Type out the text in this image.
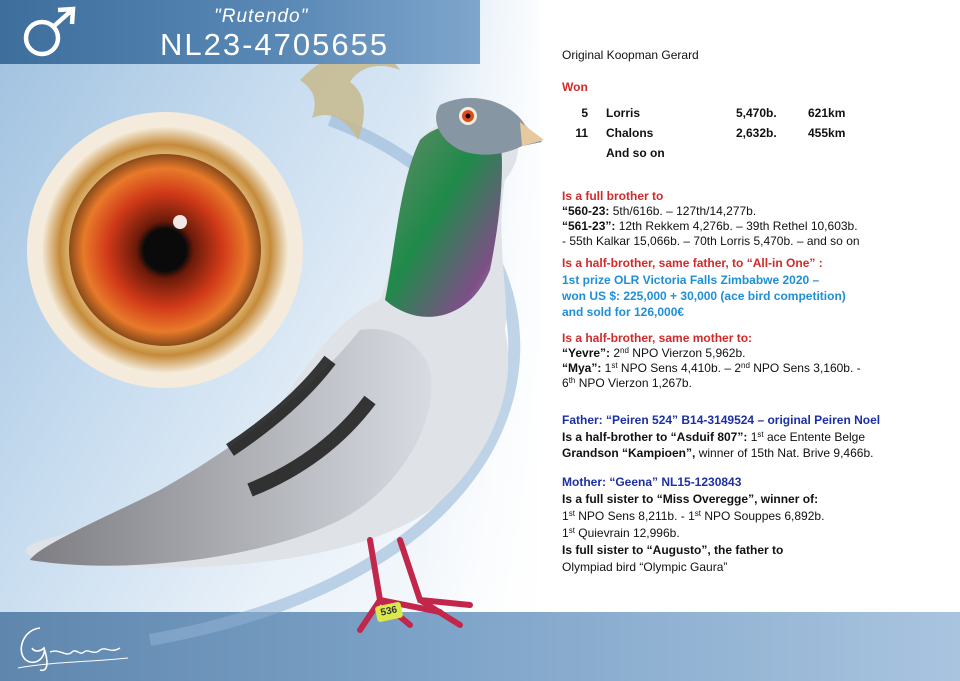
536
"Rutendo"
NL23-4705655	Original Koopman Gerard
Won
5		Lorris	5,470b.	621km
11		Chalons	2,632b.	455km
		And so on		
Is a full brother to
“560-23: 5th/616b. – 127th/14,277b.
“561-23”: 12th Rekkem 4,276b. – 39th Rethel 10,603b.
- 55th Kalkar 15,066b. – 70th Lorris 5,470b. – and so on
Is a half-brother, same father, to “All-in One” :
1st prize OLR Victoria Falls Zimbabwe 2020 –
won US $: 225,000 + 30,000 (ace bird competition)
and sold for 126,000€
Is a half-brother, same mother to:
“Yevre”: 2nd NPO Vierzon 5,962b.
“Mya”: 1st NPO Sens 4,410b. – 2nd NPO Sens 3,160b. -
6th NPO Vierzon 1,267b.
Father: “Peiren 524” B14-3149524 – original Peiren Noel
Is a half-brother to “Asduif 807”: 1st ace Entente Belge
Grandson “Kampioen”, winner of 15th Nat. Brive 9,466b.
Mother: “Geena” NL15-1230843
Is a full sister to “Miss Overegge”, winner of:
1st NPO Sens 8,211b. - 1st NPO Souppes 6,892b.
1st Quievrain 12,996b.
Is full sister to “Augusto”, the father to
Olympiad bird “Olympic Gaura”
